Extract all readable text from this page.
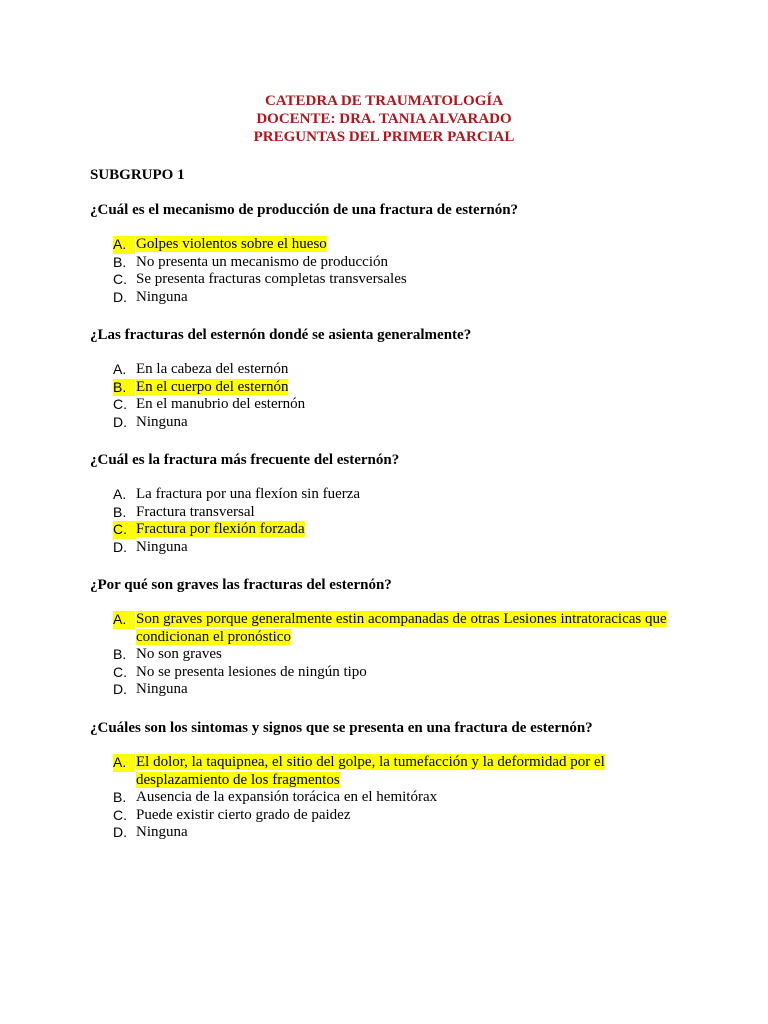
CATEDRA DE TRAUMATOLOGÍA
DOCENTE: DRA. TANIA ALVARADO
PREGUNTAS DEL PRIMER PARCIAL
SUBGRUPO 1
¿Cuál es el mecanismo de producción de una fractura de esternón?
A. Golpes violentos sobre el hueso
B. No presenta un mecanismo de producción
C. Se presenta fracturas completas transversales
D. Ninguna
¿Las fracturas del esternón dondé se asienta generalmente?
A. En la cabeza del esternón
B. En el cuerpo del esternón
C. En el manubrio del esternón
D. Ninguna
¿Cuál es la fractura más frecuente del esternón?
A. La fractura por una flexíon sin fuerza
B. Fractura transversal
C. Fractura por flexión forzada
D. Ninguna
¿Por qué son graves las fracturas del esternón?
A. Son graves porque generalmente estin acompanadas de otras Lesiones intratoracicas que condicionan el pronóstico
B. No son graves
C. No se presenta lesiones de ningún tipo
D. Ninguna
¿Cuáles son los sintomas y signos que se presenta en una fractura de esternón?
A. El dolor, la taquipnea, el sitio del golpe, la tumefacción y la deformidad por el desplazamiento de los fragmentos
B. Ausencia de la expansión torácica en el hemitórax
C. Puede existir cierto grado de paidez
D. Ninguna
